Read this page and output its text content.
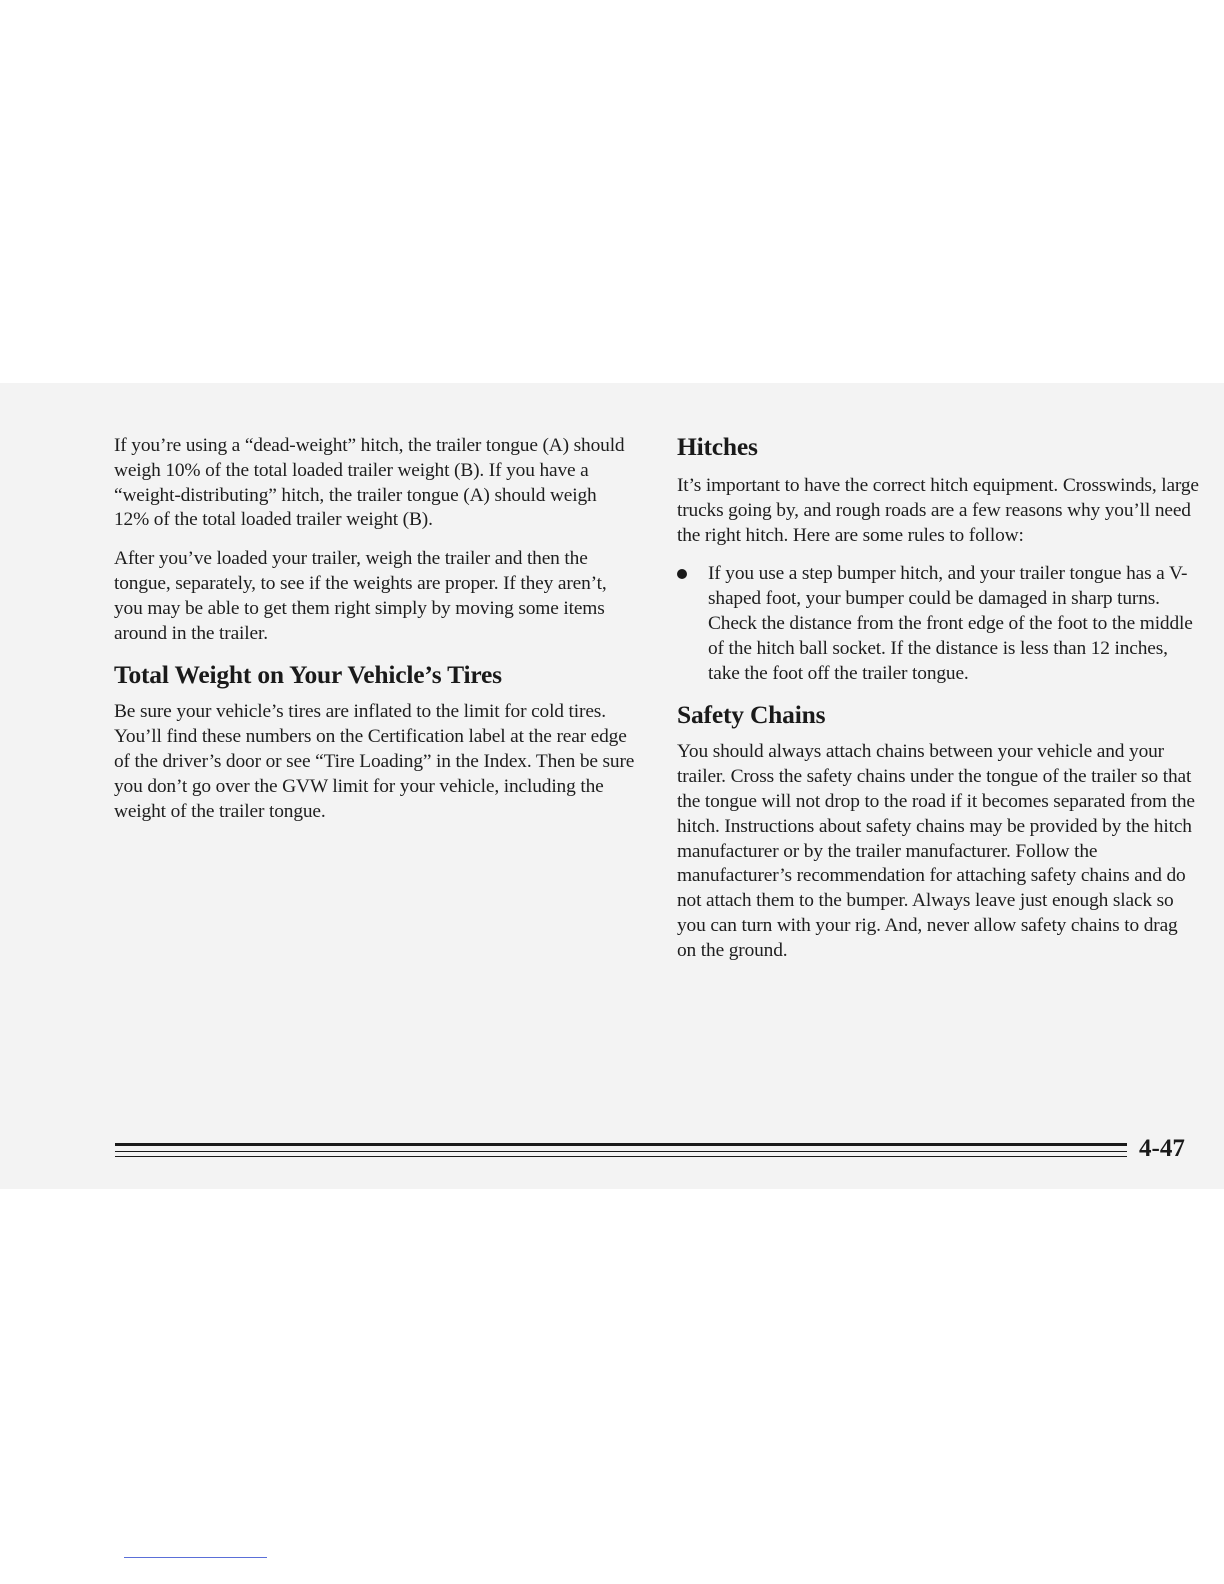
If you’re using a “dead-weight” hitch, the trailer tongue (A) should weigh 10% of the total loaded trailer weight (B). If you have a “weight-distributing” hitch, the trailer tongue (A) should weigh 12% of the total loaded trailer weight (B).

After you’ve loaded your trailer, weigh the trailer and then the tongue, separately, to see if the weights are proper. If they aren’t, you may be able to get them right simply by moving some items around in the trailer.

Total Weight on Your Vehicle’s Tires

Be sure your vehicle’s tires are inflated to the limit for cold tires. You’ll find these numbers on the Certification label at the rear edge of the driver’s door or see “Tire Loading” in the Index. Then be sure you don’t go over the GVW limit for your vehicle, including the weight of the trailer tongue.

Hitches

It’s important to have the correct hitch equipment. Crosswinds, large trucks going by, and rough roads are a few reasons why you’ll need the right hitch. Here are some rules to follow:

If you use a step bumper hitch, and your trailer tongue has a V-shaped foot, your bumper could be damaged in sharp turns. Check the distance from the front edge of the foot to the middle of the hitch ball socket. If the distance is less than 12 inches, take the foot off the trailer tongue.

Safety Chains

You should always attach chains between your vehicle and your trailer. Cross the safety chains under the tongue of the trailer so that the tongue will not drop to the road if it becomes separated from the hitch. Instructions about safety chains may be provided by the hitch manufacturer or by the trailer manufacturer. Follow the manufacturer’s recommendation for attaching safety chains and do not attach them to the bumper. Always leave just enough slack so you can turn with your rig. And, never allow safety chains to drag on the ground.

4-47
